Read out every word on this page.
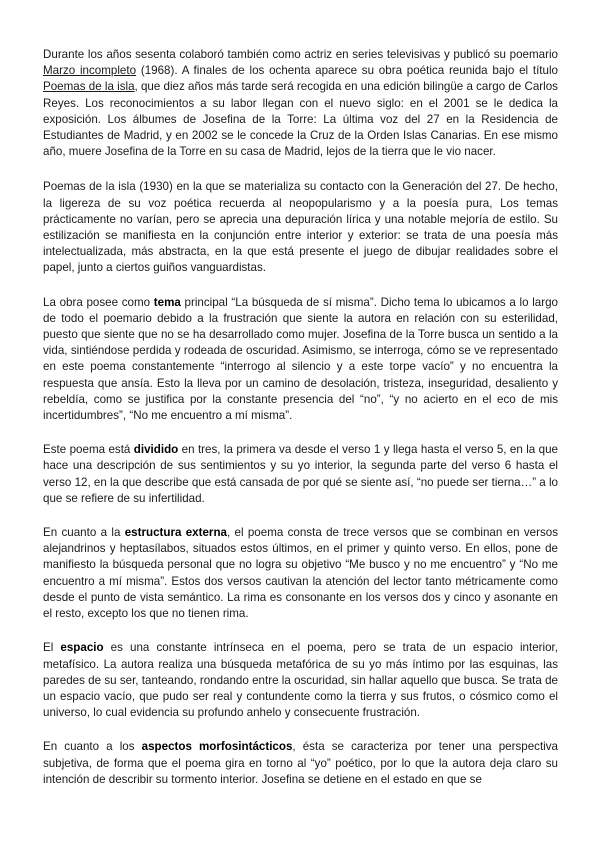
Durante los años sesenta colaboró también como actriz en series televisivas y publicó su poemario Marzo incompleto (1968). A finales de los ochenta aparece su obra poética reunida bajo el título Poemas de la isla, que diez años más tarde será recogida en una edición bilingüe a cargo de Carlos Reyes. Los reconocimientos a su labor llegan con el nuevo siglo: en el 2001 se le dedica la exposición. Los álbumes de Josefina de la Torre: La última voz del 27 en la Residencia de Estudiantes de Madrid, y en 2002 se le concede la Cruz de la Orden Islas Canarias. En ese mismo año, muere Josefina de la Torre en su casa de Madrid, lejos de la tierra que le vio nacer.

Poemas de la isla (1930) en la que se materializa su contacto con la Generación del 27. De hecho, la ligereza de su voz poética recuerda al neopopularismo y a la poesía pura, Los temas prácticamente no varían, pero se aprecia una depuración lírica y una notable mejoría de estilo. Su estilización se manifiesta en la conjunción entre interior y exterior: se trata de una poesía más intelectualizada, más abstracta, en la que está presente el juego de dibujar realidades sobre el papel, junto a ciertos guiños vanguardistas.

La obra posee como tema principal “La búsqueda de sí misma”. Dicho tema lo ubicamos a lo largo de todo el poemario debido a la frustración que siente la autora en relación con su esterilidad, puesto que siente que no se ha desarrollado como mujer. Josefina de la Torre busca un sentido a la vida, sintiéndose perdida y rodeada de oscuridad. Asimismo, se interroga, cómo se ve representado en este poema constantemente “interrogo al silencio y a este torpe vacío” y no encuentra la respuesta que ansía. Esto la lleva por un camino de desolación, tristeza, inseguridad, desaliento y rebeldía, como se justifica por la constante presencia del “no”, “y no acierto en el eco de mis incertidumbres”, “No me encuentro a mí misma”.

Este poema está dividido en tres, la primera va desde el verso 1 y llega hasta el verso 5, en la que hace una descripción de sus sentimientos y su yo interior, la segunda parte del verso 6 hasta el verso 12, en la que describe que está cansada de por qué se siente así, “no puede ser tierna…” a lo que se refiere de su infertilidad.

En cuanto a la estructura externa, el poema consta de trece versos que se combinan en versos alejandrinos y heptasílabos, situados estos últimos, en el primer y quinto verso. En ellos, pone de manifiesto la búsqueda personal que no logra su objetivo “Me busco y no me encuentro” y “No me encuentro a mí misma”. Estos dos versos cautivan la atención del lector tanto métricamente como desde el punto de vista semántico. La rima es consonante en los versos dos y cinco y asonante en el resto, excepto los que no tienen rima.

El espacio es una constante intrínseca en el poema, pero se trata de un espacio interior, metafísico. La autora realiza una búsqueda metafórica de su yo más íntimo por las esquinas, las paredes de su ser, tanteando, rondando entre la oscuridad, sin hallar aquello que busca. Se trata de un espacio vacío, que pudo ser real y contundente como la tierra y sus frutos, o cósmico como el universo, lo cual evidencia su profundo anhelo y consecuente frustración.

En cuanto a los aspectos morfosintácticos, ésta se caracteriza por tener una perspectiva subjetiva, de forma que el poema gira en torno al “yo” poético, por lo que la autora deja claro su intención de describir su tormento interior. Josefina se detiene en el estado en que se
